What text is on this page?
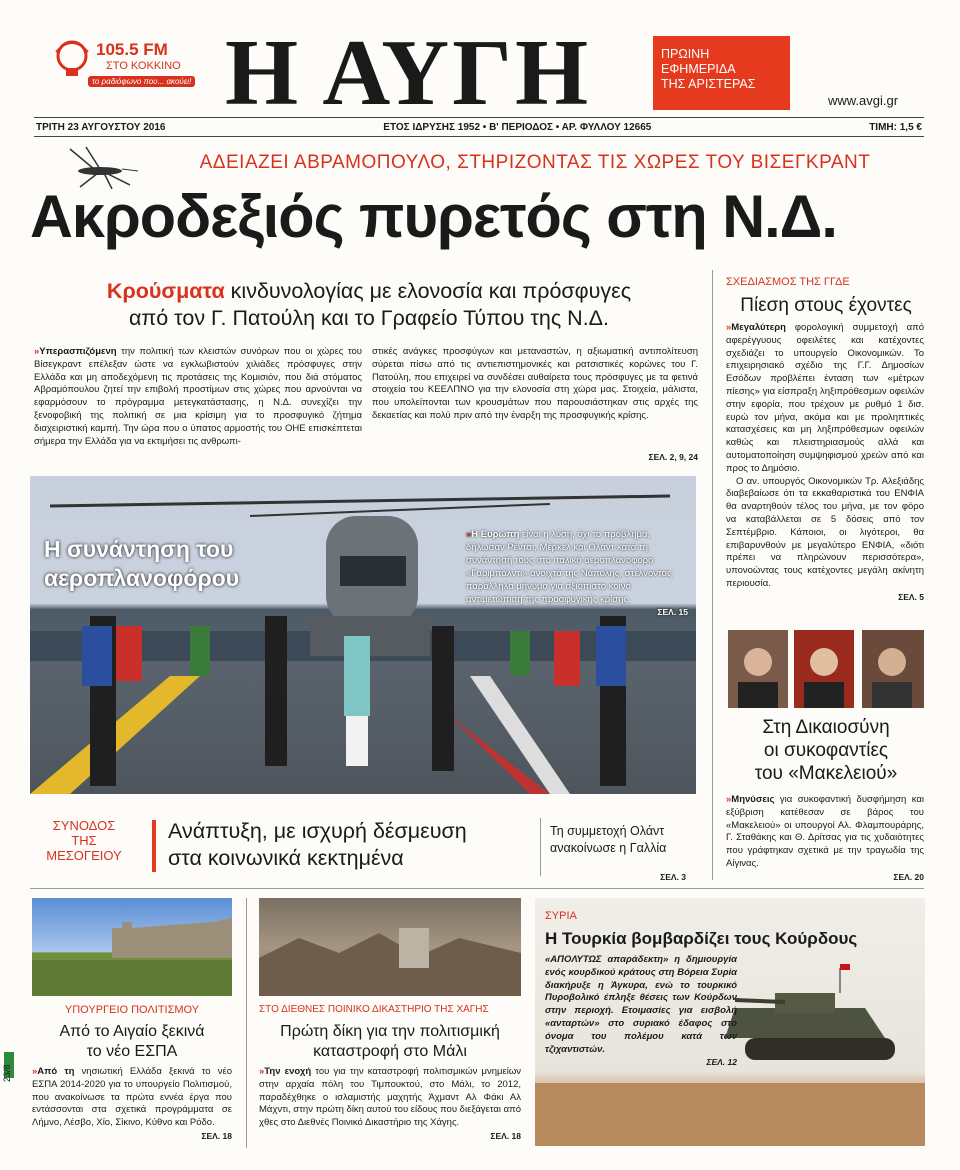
105.5 FM
ΣΤΟ ΚΟΚΚΙΝΟ
το ραδιόφωνο που... ακούει! Η ΑΥΓΗ	ΠΡΩΙΝΗ
ΕΦΗΜΕΡΙΔΑ
ΤΗΣ ΑΡΙΣΤΕΡΑΣ
www.avgi.gr
ΤΡΙΤΗ 23 ΑΥΓΟΥΣΤΟΥ 2016	ΕΤΟΣ ΙΔΡΥΣΗΣ 1952 • Β' ΠΕΡΙΟΔΟΣ • ΑΡ. ΦΥΛΛΟΥ 12665	ΤΙΜΗ: 1,5 €
ΑΔΕΙΑΖΕΙ ΑΒΡΑΜΟΠΟΥΛΟ, ΣΤΗΡΙΖΟΝΤΑΣ ΤΙΣ ΧΩΡΕΣ ΤΟΥ ΒΙΣΕΓΚΡΑΝΤ
Ακροδεξιός πυρετός στη Ν.Δ.
Κρούσματα κινδυνολογίας με ελονοσία και πρόσφυγες
από τον Γ. Πατούλη και το Γραφείο Τύπου της Ν.Δ.
»Υπερασπιζόμενη την πολιτική των κλειστών συνόρων που οι χώρες του Βίσεγκραντ επέλεξαν ώστε να εγκλωβιστούν χιλιάδες πρόσφυγες στην Ελλάδα και μη αποδεχόμενη τις προτάσεις της Κομισιόν, που διά στόματος Αβραμόπουλου ζητεί την επιβολή προστίμων στις χώρες που αρνούνται να εφαρμόσουν το πρόγραμμα μετεγκατάστασης, η Ν.Δ. συνεχίζει την ξενοφοβική της πολιτική σε μια κρίσιμη για το προσφυγικό ζήτημα διαχειριστική καμπή. Την ώρα που ο ύπατος αρμοστής του ΟΗΕ επισκέπτεται σήμερα την Ελλάδα για να εκτιμήσει τις ανθρωπι-
στικές ανάγκες προσφύγων και μεταναστών, η αξιωματική αντιπολίτευση σύρεται πίσω από τις αντιεπιστημονικές και ρατσιστικές κορώνες του Γ. Πατούλη, που επιχειρεί να συνδέσει αυθαίρετα τους πρόσφυγες με τα φετινά στοιχεία του ΚΕΕΛΠΝΟ για την ελονοσία στη χώρα μας. Στοιχεία, μάλιστα, που υπολείπονται των κρουσμάτων που παρουσιάστηκαν στις αρχές της δεκαετίας και πολύ πριν από την έναρξη της προσφυγικής κρίσης.
ΣΕΛ. 2, 9, 24
Η συνάντηση του
αεροπλανοφόρου
»Η Ευρώπη είναι η λύση, όχι το πρόβλημα, δήλωσαν Ρέντσι, Μέρκελ και Ολάντ κατά τη συνάντησή τους στο ιταλικό αεροπλανοφόρο «Γαριμπάλντι» ανοιχτά της Νάπολης, στέλνοντας παράλληλα μήνυμα για αξιόπιστο κοινό αντιμετώπιση της προσφυγικής κρίσης.
ΣΕΛ. 15
ΣΧΕΔΙΑΣΜΟΣ ΤΗΣ ΓΓΔΕ
Πίεση στους έχοντες
»Μεγαλύτερη φορολογική συμμετοχή από αφερέγγυους οφειλέτες και κατέχοντες σχεδιάζει το υπουργείο Οικονομικών. Το επιχειρησιακό σχέδιο της Γ.Γ. Δημοσίων Εσόδων προβλέπει ένταση των «μέτρων πίεσης» για είσπραξη ληξιπρόθεσμων οφειλών στην εφορία, που τρέχουν με ρυθμό 1 δισ. ευρώ τον μήνα, ακόμα και με προληπτικές κατασχέσεις και μη ληξιπρόθεσμων οφειλών καθώς και πλειστηριασμούς αλλά και αυτοματοποίηση συμψηφισμού χρεών από και προς το Δημόσιο.
Ο αν. υπουργός Οικονομικών Τρ. Αλεξιάδης διαβεβαίωσε ότι τα εκκαθαριστικά του ΕΝΦΙΑ θα αναρτηθούν τέλος του μήνα, με τον φόρο να καταβάλλεται σε 5 δόσεις από τον Σεπτέμβριο. Κάποιοι, οι λιγότεροι, θα επιβαρυνθούν με μεγαλύτερο ΕΝΦΙΑ, «διότι πρέπει να πληρώνουν περισσότερα», υπονοώντας τους κατέχοντες μεγάλη ακίνητη περιουσία.
ΣΕΛ. 5
Στη Δικαιοσύνη
οι συκοφαντίες
του «Μακελειού»
»Μηνύσεις για συκοφαντική δυσφήμηση και εξύβριση κατέθεσαν σε βάρος του «Μακελειού» οι υπουργοί Αλ. Φλαμπουράρης, Γ. Σταθάκης και Θ. Δρίτσας για τις χυδαιότητες που γράφτηκαν σχετικά με την τραγωδία της Αίγινας.
ΣΕΛ. 20
ΣΥΝΟΔΟΣ
ΤΗΣ
ΜΕΣΟΓΕΙΟΥ
Ανάπτυξη, με ισχυρή δέσμευση
στα κοινωνικά κεκτημένα
Τη συμμετοχή Ολάντ ανακοίνωσε η Γαλλία
ΣΕΛ. 3
ΥΠΟΥΡΓΕΙΟ ΠΟΛΙΤΙΣΜΟΥ
Από το Αιγαίο ξεκινά
το νέο ΕΣΠΑ
»Από τη νησιωτική Ελλάδα ξεκινά το νέο ΕΣΠΑ 2014-2020 για το υπουργείο Πολιτισμού, που ανακοίνωσε τα πρώτα εννέα έργα που εντάσσονται στα σχετικά προγράμματα σε Λήμνο, Λέσβο, Χίο, Σίκινο, Κύθνο και Ρόδο.
ΣΕΛ. 18
23/8
ΣΤΟ ΔΙΕΘΝΕΣ ΠΟΙΝΙΚΟ ΔΙΚΑΣΤΗΡΙΟ ΤΗΣ ΧΑΓΗΣ
Πρώτη δίκη για την πολιτισμική
καταστροφή στο Μάλι
»Την ενοχή του για την καταστροφή πολιτισμικών μνημείων στην αρχαία πόλη του Τιμπουκτού, στο Μάλι, το 2012, παραδέχθηκε ο ισλαμιστής μαχητής Άχμαντ Αλ Φάκι Αλ Μάχντι, στην πρώτη δίκη αυτού του είδους που διεξάγεται από χθες στο Διεθνές Ποινικό Δικαστήριο της Χάγης.
ΣΕΛ. 18
ΣΥΡΙΑ
Η Τουρκία βομβαρδίζει τους Κούρδους
«ΑΠΟΛΥΤΩΣ απαράδεκτη» η δημιουργία ενός κουρδικού κράτους στη Βόρεια Συρία διακήρυξε η Άγκυρα, ενώ το τουρκικό Πυροβολικό έπληξε θέσεις των Κούρδων στην περιοχή. Ετοιμασίες για εισβολή «ανταρτών» στο συριακό έδαφος στο όνομα του πολέμου κατά των τζιχαντιστών.
ΣΕΛ. 12
